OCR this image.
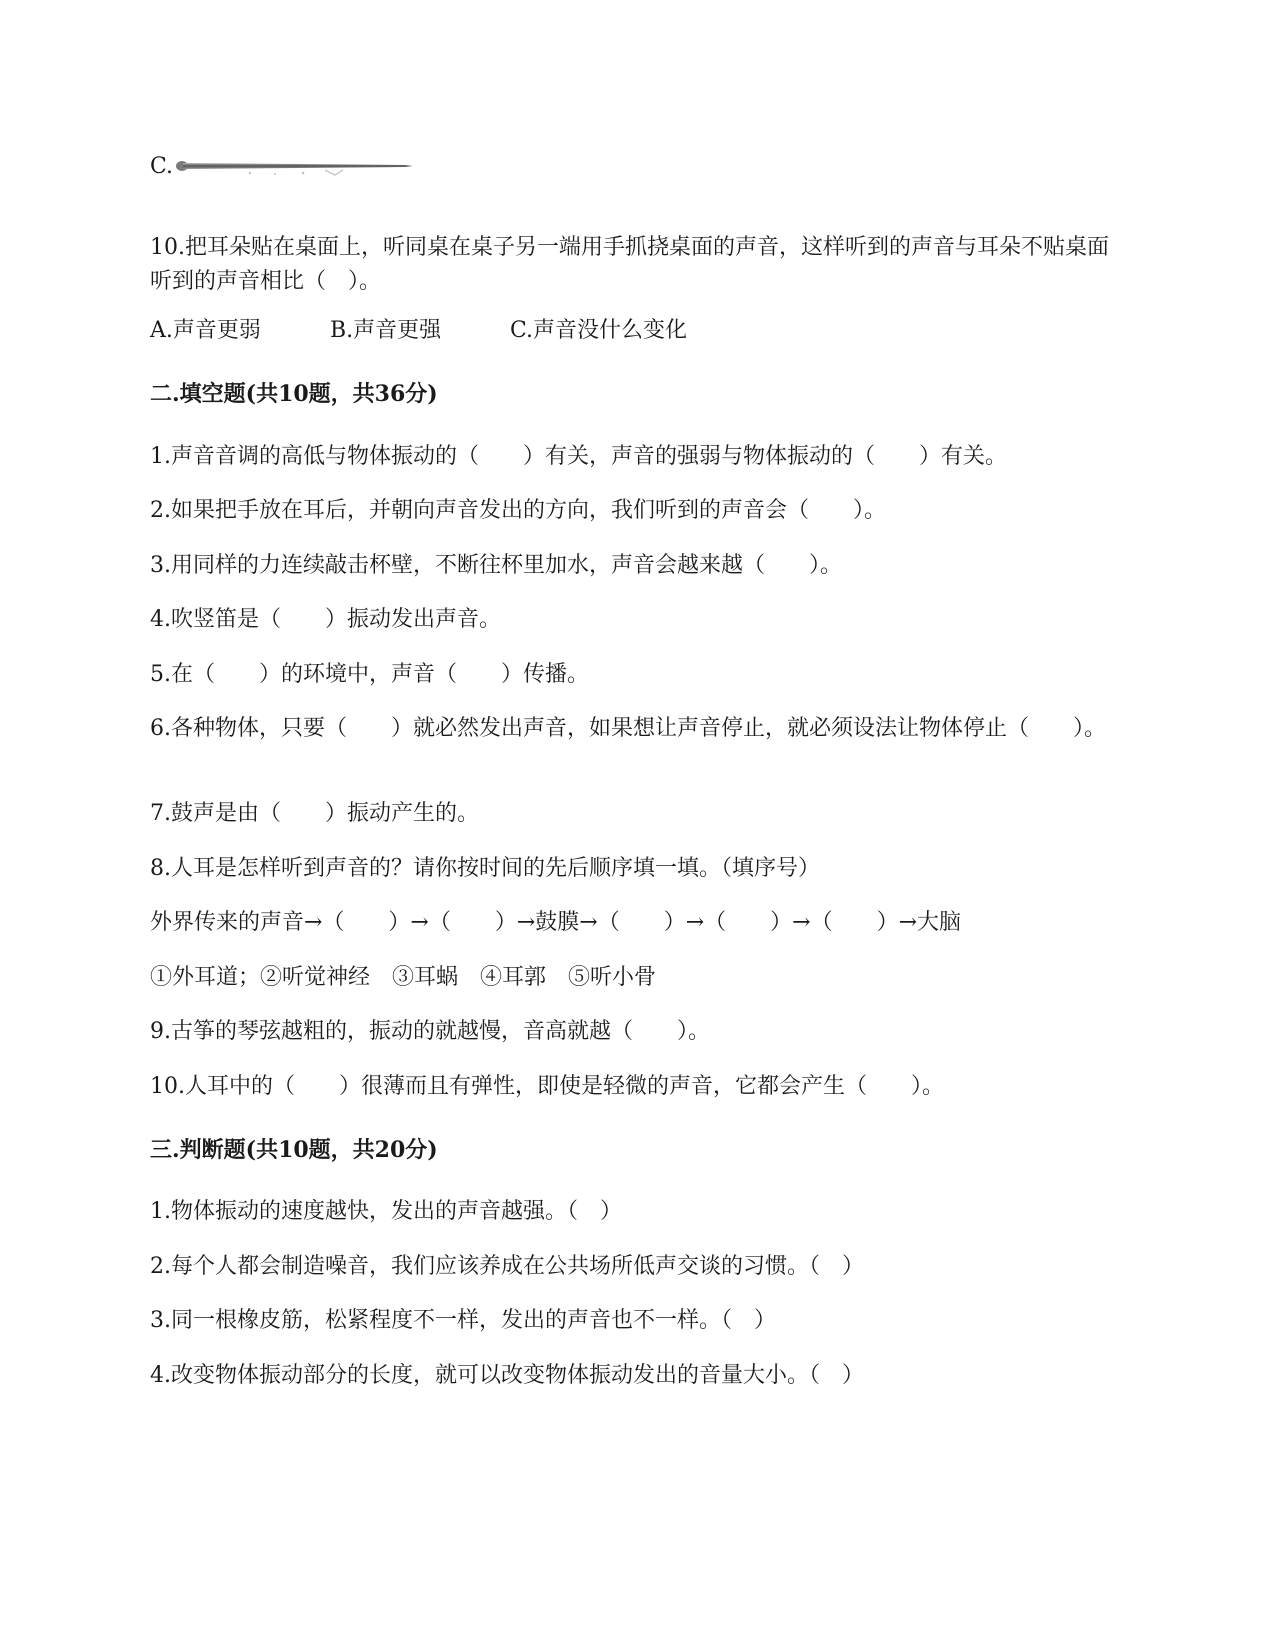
C.
10.把耳朵贴在桌面上，听同桌在桌子另一端用手抓挠桌面的声音，这样听到的声音与耳朵不贴桌面听到的声音相比（　）。
A.声音更弱	B.声音更强	C.声音没什么变化
二.填空题(共10题，共36分)
1.声音音调的高低与物体振动的（　　）有关，声音的强弱与物体振动的（　　）有关。
2.如果把手放在耳后，并朝向声音发出的方向，我们听到的声音会（　　）。
3.用同样的力连续敲击杯壁，不断往杯里加水，声音会越来越（　　）。
4.吹竖笛是（　　）振动发出声音。
5.在（　　）的环境中，声音（　　）传播。
6.各种物体，只要（　　）就必然发出声音，如果想让声音停止，就必须设法让物体停止（　　）。
7.鼓声是由（　　）振动产生的。
8.人耳是怎样听到声音的？请你按时间的先后顺序填一填。（填序号）
外界传来的声音→（　　）→（　　）→鼓膜→（　　）→（　　）→（　　）→大脑
①外耳道；②听觉神经　③耳蜗　④耳郭　⑤听小骨
9.古筝的琴弦越粗的，振动的就越慢，音高就越（　　）。
10.人耳中的（　　）很薄而且有弹性，即使是轻微的声音，它都会产生（　　）。
三.判断题(共10题，共20分)
1.物体振动的速度越快，发出的声音越强。（　）
2.每个人都会制造噪音，我们应该养成在公共场所低声交谈的习惯。（　）
3.同一根橡皮筋，松紧程度不一样，发出的声音也不一样。（　）
4.改变物体振动部分的长度，就可以改变物体振动发出的音量大小。（　）
